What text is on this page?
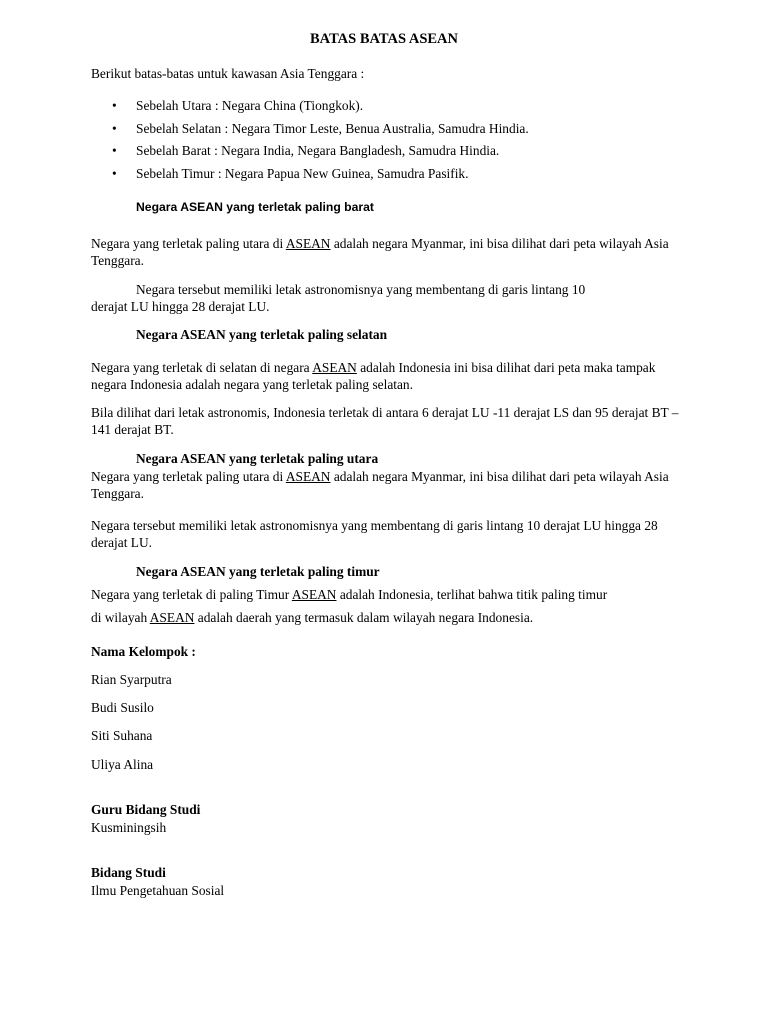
BATAS BATAS ASEAN

Berikut batas-batas untuk kawasan Asia Tenggara :

• Sebelah Utara : Negara China (Tiongkok).
• Sebelah Selatan : Negara Timor Leste, Benua Australia, Samudra Hindia.
• Sebelah Barat : Negara India, Negara Bangladesh, Samudra Hindia.
• Sebelah Timur : Negara Papua New Guinea, Samudra Pasifik.
Negara ASEAN yang terletak paling barat

Negara yang terletak paling utara di ASEAN adalah negara Myanmar, ini bisa dilihat dari peta wilayah Asia Tenggara.

Negara tersebut memiliki letak astronomisnya yang membentang di garis lintang 10
derajat LU hingga 28 derajat LU.
Negara ASEAN yang terletak paling selatan

Negara yang terletak di selatan di negara ASEAN adalah Indonesia ini bisa dilihat dari peta maka tampak negara Indonesia adalah negara yang terletak paling selatan.

Bila dilihat dari letak astronomis, Indonesia terletak di antara 6 derajat LU -11 derajat LS dan 95 derajat BT – 141 derajat BT.

Negara ASEAN yang terletak paling utara

Negara yang terletak paling utara di ASEAN adalah negara Myanmar, ini bisa dilihat dari peta wilayah Asia Tenggara.

Negara tersebut memiliki letak astronomisnya yang membentang di garis lintang 10 derajat LU hingga 28 derajat LU.

Negara ASEAN yang terletak paling timur
Negara yang terletak di paling Timur ASEAN adalah Indonesia, terlihat bahwa titik paling timur
di wilayah ASEAN adalah daerah yang termasuk dalam wilayah negara Indonesia.
Nama Kelompok :
Rian Syarputra
Budi Susilo
Siti Suhana
Uliya Alina
Guru Bidang Studi
Kusminingsih
Bidang Studi
Ilmu Pengetahuan Sosial
